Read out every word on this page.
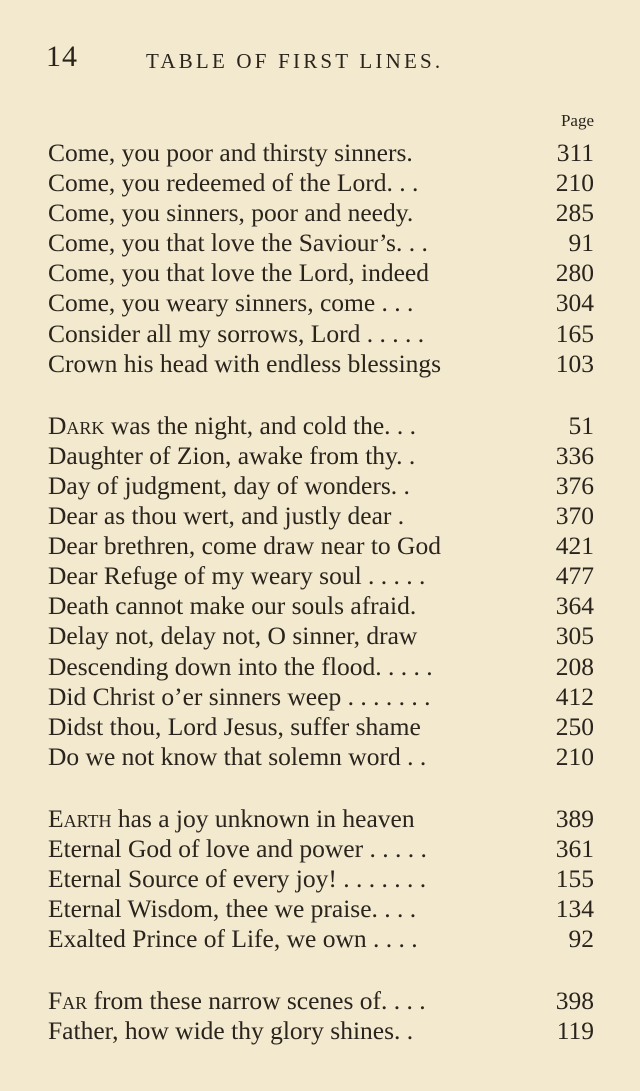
14	TABLE OF FIRST LINES.
Page
Come, you poor and thirsty sinners.	311
Come, you redeemed of the Lord. . .	210
Come, you sinners, poor and needy.	285
Come, you that love the Saviour’s. . .	91
Come, you that love the Lord, indeed	280
Come, you weary sinners, come . . .	304
Consider all my sorrows, Lord . . . . .	165
Crown his head with endless blessings	103
Dark was the night, and cold the. . .	51
Daughter of Zion, awake from thy. .	336
Day of judgment, day of wonders. .	376
Dear as thou wert, and justly dear .	370
Dear brethren, come draw near to God	421
Dear Refuge of my weary soul . . . . .	477
Death cannot make our souls afraid.	364
Delay not, delay not, O sinner, draw	305
Descending down into the flood. . . . .	208
Did Christ o’er sinners weep . . . . . . .	412
Didst thou, Lord Jesus, suffer shame	250
Do we not know that solemn word . .	210
Earth has a joy unknown in heaven	389
Eternal God of love and power . . . . .	361
Eternal Source of every joy! . . . . . . .	155
Eternal Wisdom, thee we praise. . . .	134
Exalted Prince of Life, we own . . . .	92
Far from these narrow scenes of. . . .	398
Father, how wide thy glory shines. .	119
